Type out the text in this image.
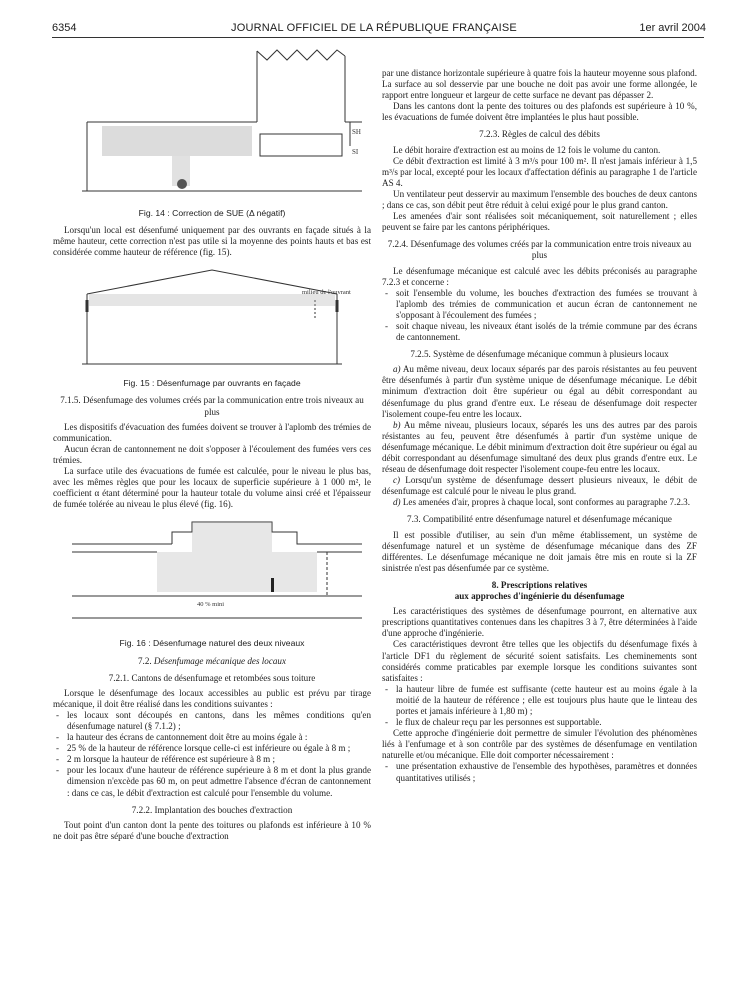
6354	JOURNAL OFFICIEL DE LA RÉPUBLIQUE FRANÇAISE	1er avril 2004
SH
SI
Fig. 14 : Correction de SUE (Δ négatif)

Lorsqu'un local est désenfumé uniquement par des ouvrants en façade situés à la même hauteur, cette correction n'est pas utile si la moyenne des points hauts et bas est considérée comme hauteur de référence (fig. 15).

milieu de l'ouvrant
Fig. 15 : Désenfumage par ouvrants en façade
7.1.5. Désenfumage des volumes créés par la communication entre trois niveaux au plus

Les dispositifs d'évacuation des fumées doivent se trouver à l'aplomb des trémies de communication.

Aucun écran de cantonnement ne doit s'opposer à l'écoulement des fumées vers ces trémies.

La surface utile des évacuations de fumée est calculée, pour le niveau le plus bas, avec les mêmes règles que pour les locaux de superficie supérieure à 1 000 m², le coefficient α étant déterminé pour la hauteur totale du volume ainsi créé et l'épaisseur de fumée tolérée au niveau le plus élevé (fig. 16).

40 % mini
Fig. 16 : Désenfumage naturel des deux niveaux
7.2. Désenfumage mécanique des locaux
7.2.1. Cantons de désenfumage et retombées sous toiture

Lorsque le désenfumage des locaux accessibles au public est prévu par tirage mécanique, il doit être réalisé dans les conditions suivantes :

- les locaux sont découpés en cantons, dans les mêmes conditions qu'en désenfumage naturel (§ 7.1.2) ;
- la hauteur des écrans de cantonnement doit être au moins égale à :
- 25 % de la hauteur de référence lorsque celle-ci est inférieure ou égale à 8 m ;
- 2 m lorsque la hauteur de référence est supérieure à 8 m ;
- pour les locaux d'une hauteur de référence supérieure à 8 m et dont la plus grande dimension n'excède pas 60 m, on peut admettre l'absence d'écran de cantonnement : dans ce cas, le débit d'extraction est calculé pour l'ensemble du volume.
7.2.2. Implantation des bouches d'extraction

Tout point d'un canton dont la pente des toitures ou plafonds est inférieure à 10 % ne doit pas être séparé d'une bouche d'extraction

par une distance horizontale supérieure à quatre fois la hauteur moyenne sous plafond. La surface au sol desservie par une bouche ne doit pas avoir une forme allongée, le rapport entre longueur et largeur de cette surface ne devant pas dépasser 2.

Dans les cantons dont la pente des toitures ou des plafonds est supérieure à 10 %, les évacuations de fumée doivent être implantées le plus haut possible.

7.2.3. Règles de calcul des débits

Le débit horaire d'extraction est au moins de 12 fois le volume du canton.

Ce débit d'extraction est limité à 3 m³/s pour 100 m². Il n'est jamais inférieur à 1,5 m³/s par local, excepté pour les locaux d'affectation définis au paragraphe 1 de l'article AS 4.

Un ventilateur peut desservir au maximum l'ensemble des bouches de deux cantons ; dans ce cas, son débit peut être réduit à celui exigé pour le plus grand canton.

Les amenées d'air sont réalisées soit mécaniquement, soit naturellement ; elles peuvent se faire par les cantons périphériques.

7.2.4. Désenfumage des volumes créés par la communication entre trois niveaux au plus

Le désenfumage mécanique est calculé avec les débits préconisés au paragraphe 7.2.3 et concerne :

- soit l'ensemble du volume, les bouches d'extraction des fumées se trouvant à l'aplomb des trémies de communication et aucun écran de cantonnement ne s'opposant à l'écoulement des fumées ;
- soit chaque niveau, les niveaux étant isolés de la trémie commune par des écrans de cantonnement.
7.2.5. Système de désenfumage mécanique commun à plusieurs locaux

a) Au même niveau, deux locaux séparés par des parois résistantes au feu peuvent être désenfumés à partir d'un système unique de désenfumage mécanique. Le débit minimum d'extraction doit être supérieur ou égal au débit correspondant au désenfumage du plus grand d'entre eux. Le réseau de désenfumage doit respecter l'isolement coupe-feu entre les locaux.

b) Au même niveau, plusieurs locaux, séparés les uns des autres par des parois résistantes au feu, peuvent être désenfumés à partir d'un système unique de désenfumage mécanique. Le débit minimum d'extraction doit être supérieur ou égal au débit correspondant au désenfumage simultané des deux plus grands d'entre eux. Le réseau de désenfumage doit respecter l'isolement coupe-feu entre les locaux.

c) Lorsqu'un système de désenfumage dessert plusieurs niveaux, le débit de désenfumage est calculé pour le niveau le plus grand.

d) Les amenées d'air, propres à chaque local, sont conformes au paragraphe 7.2.3.

7.3. Compatibilité entre désenfumage naturel et désenfumage mécanique

Il est possible d'utiliser, au sein d'un même établissement, un système de désenfumage naturel et un système de désenfumage mécanique dans des ZF différentes. Le désenfumage mécanique ne doit jamais être mis en route si la ZF sinistrée n'est pas désenfumée par ce système.

8. Prescriptions relatives
aux approches d'ingénierie du désenfumage

Les caractéristiques des systèmes de désenfumage pourront, en alternative aux prescriptions quantitatives contenues dans les chapitres 3 à 7, être déterminées à l'aide d'une approche d'ingénierie.

Ces caractéristiques devront être telles que les objectifs du désenfumage fixés à l'article DF1 du règlement de sécurité soient satisfaits. Les cheminements sont considérés comme praticables par exemple lorsque les conditions suivantes sont satisfaites :

- la hauteur libre de fumée est suffisante (cette hauteur est au moins égale à la moitié de la hauteur de référence ; elle est toujours plus haute que le linteau des portes et jamais inférieure à 1,80 m) ;
- le flux de chaleur reçu par les personnes est supportable.

Cette approche d'ingénierie doit permettre de simuler l'évolution des phénomènes liés à l'enfumage et à son contrôle par des systèmes de désenfumage en ventilation naturelle et/ou mécanique. Elle doit comporter nécessairement :

- une présentation exhaustive de l'ensemble des hypothèses, paramètres et données quantitatives utilisés ;
